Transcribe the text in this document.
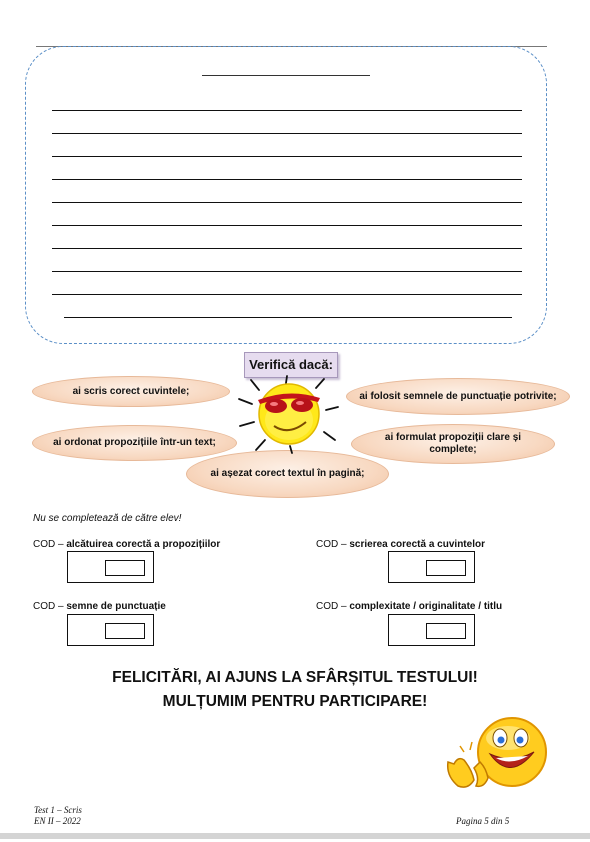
Verifică dacă:
ai scris corect cuvintele;
ai ordonat propozițiile într-un text;
ai așezat corect textul în pagină;
ai folosit semnele de punctuație potrivite;
ai formulat propoziții clare și complete;
Nu se completează de către elev!
COD – alcătuirea corectă a propozițiilor	COD – scrierea corectă a cuvintelor
COD – semne de punctuație	COD – complexitate / originalitate / titlu
FELICITĂRI, AI AJUNS LA SFÂRȘITUL TESTULUI!
MULȚUMIM PENTRU PARTICIPARE!
Test 1 – Scris
EN II – 2022	Pagina 5 din 5
